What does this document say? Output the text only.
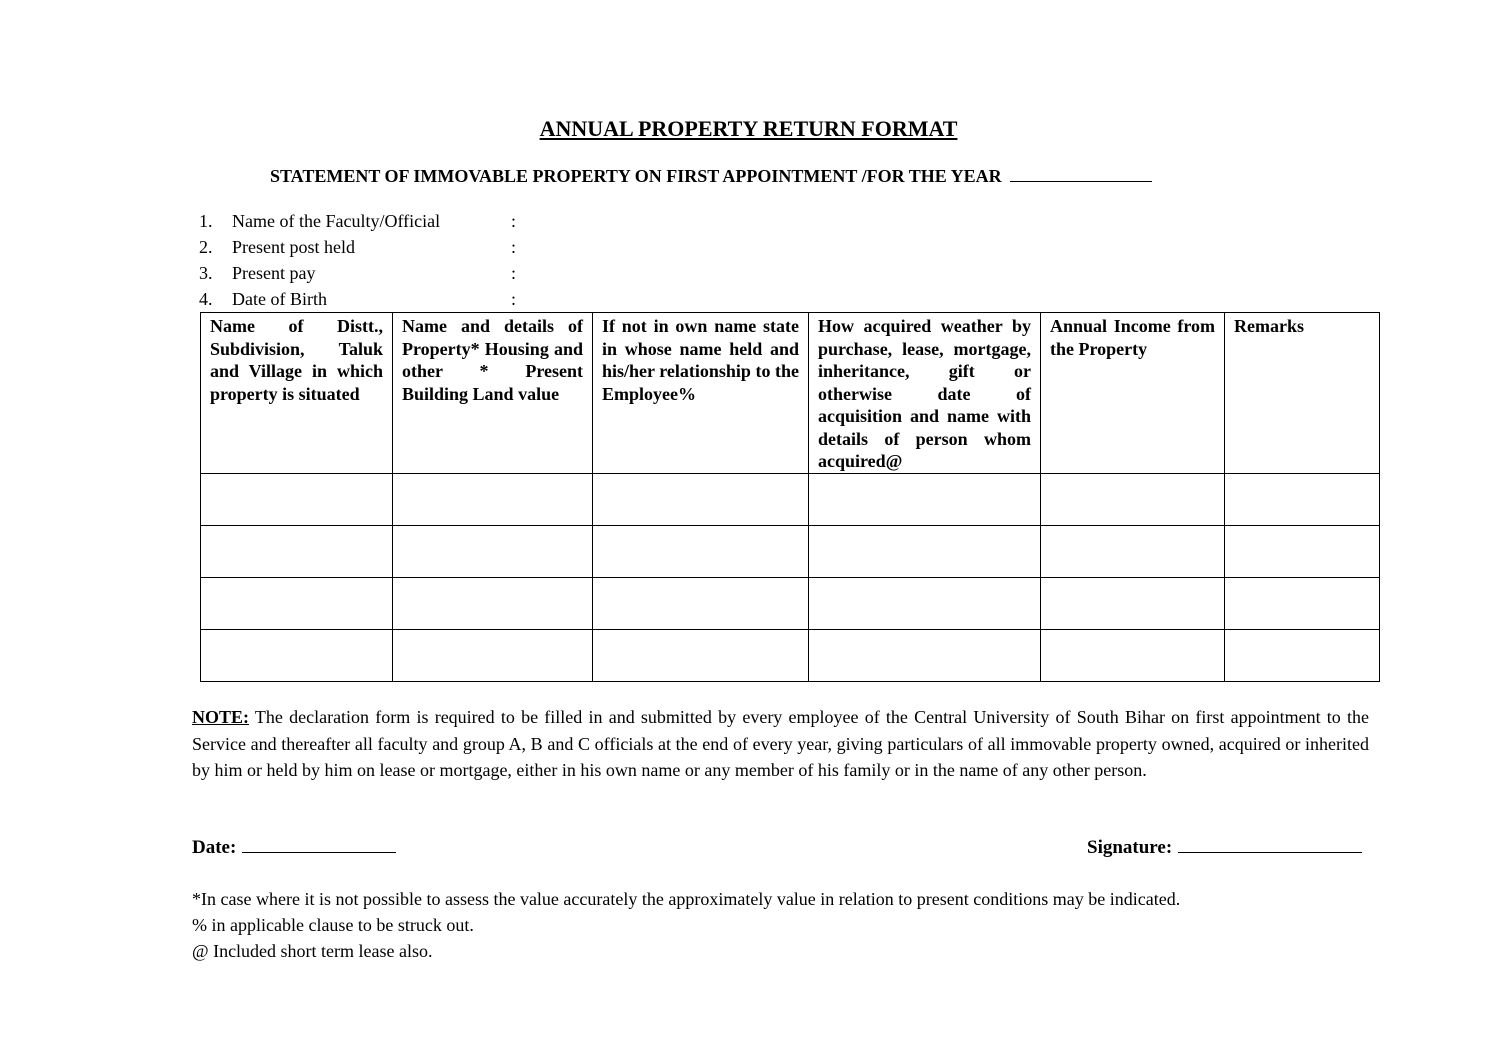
ANNUAL PROPERTY RETURN FORMAT
STATEMENT OF IMMOVABLE PROPERTY ON FIRST APPOINTMENT /FOR THE YEAR
1. Name of the Faculty/Official	:
2. Present post held	:
3. Present pay	:
4. Date of Birth	:
Name of Distt., Subdivision, Taluk and Village in which property is situated	Name and details of Property* Housing and other * Present Building Land value	If not in own name state in whose name held and his/her relationship to the Employee%	How acquired weather by purchase, lease, mortgage, inheritance, gift or otherwise date of acquisition and name with details of person whom acquired@	Annual Income from the Property	Remarks

NOTE: The declaration form is required to be filled in and submitted by every employee of the Central University of South Bihar on first appointment to the Service and thereafter all faculty and group A, B and C officials at the end of every year, giving particulars of all immovable property owned, acquired or inherited by him or held by him on lease or mortgage, either in his own name or any member of his family or in the name of any other person.
Date:	Signature:
*In case where it is not possible to assess the value accurately the approximately value in relation to present conditions may be indicated.
% in applicable clause to be struck out.
@ Included short term lease also.
